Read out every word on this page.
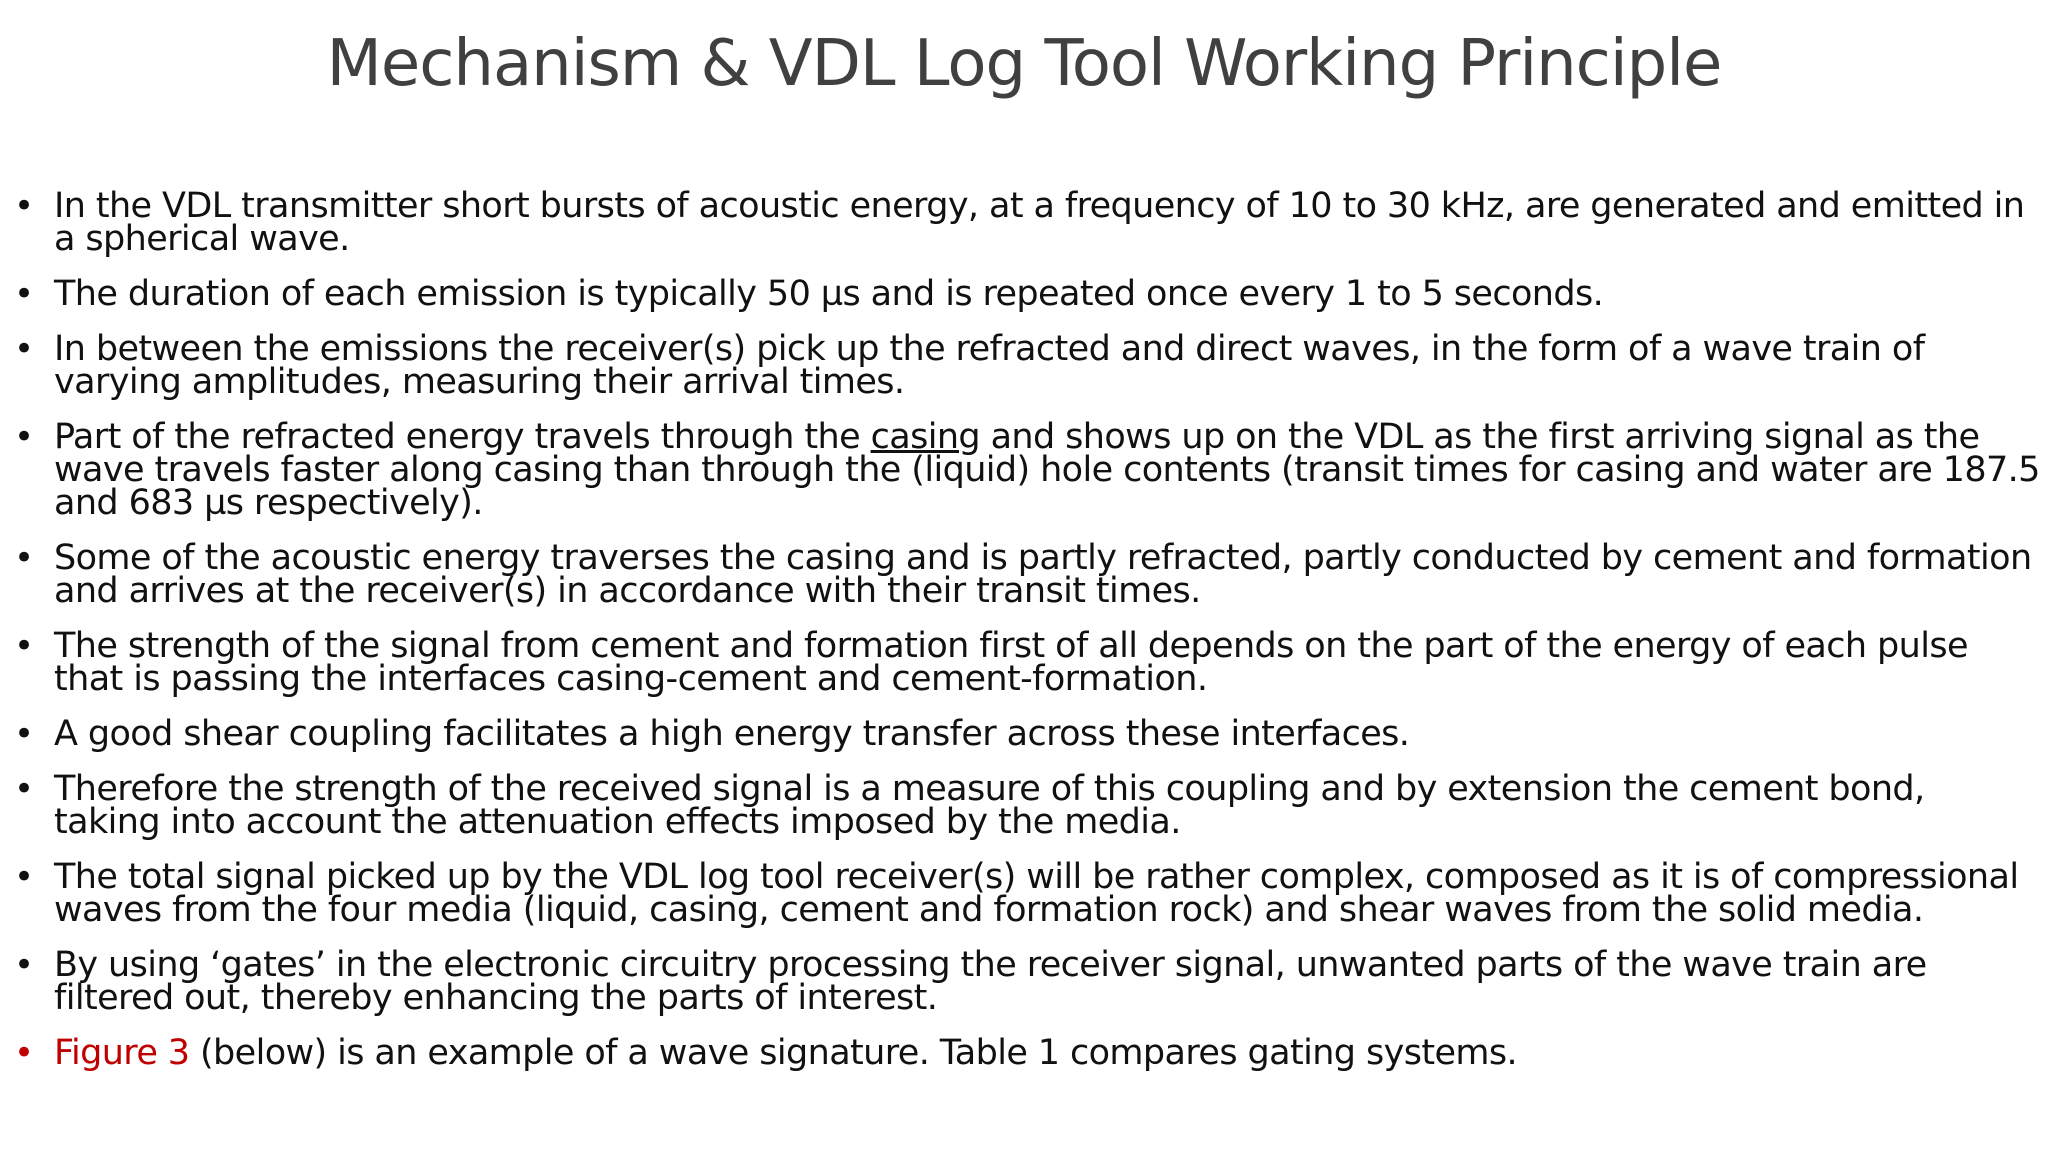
Mechanism & VDL Log Tool Working Principle
• In the VDL transmitter short bursts of acoustic energy, at a frequency of 10 to 30 kHz, are generated and emitted in a spherical wave.
• The duration of each emission is typically 50 µs and is repeated once every 1 to 5 seconds.
• In between the emissions the receiver(s) pick up the refracted and direct waves, in the form of a wave train of varying amplitudes, measuring their arrival times.
• Part of the refracted energy travels through the casing and shows up on the VDL as the first arriving signal as the wave travels faster along casing than through the (liquid) hole contents (transit times for casing and water are 187.5 and 683 µs respectively).
• Some of the acoustic energy traverses the casing and is partly refracted, partly conducted by cement and formation and arrives at the receiver(s) in accordance with their transit times.
• The strength of the signal from cement and formation first of all depends on the part of the energy of each pulse that is passing the interfaces casing-cement and cement-formation.
• A good shear coupling facilitates a high energy transfer across these interfaces.
• Therefore the strength of the received signal is a measure of this coupling and by extension the cement bond, taking into account the attenuation effects imposed by the media.
• The total signal picked up by the VDL log tool receiver(s) will be rather complex, composed as it is of compressional waves from the four media (liquid, casing, cement and formation rock) and shear waves from the solid media.
• By using ‘gates’ in the electronic circuitry processing the receiver signal, unwanted parts of the wave train are filtered out, thereby enhancing the parts of interest.
• Figure 3 (below) is an example of a wave signature. Table 1 compares gating systems.
